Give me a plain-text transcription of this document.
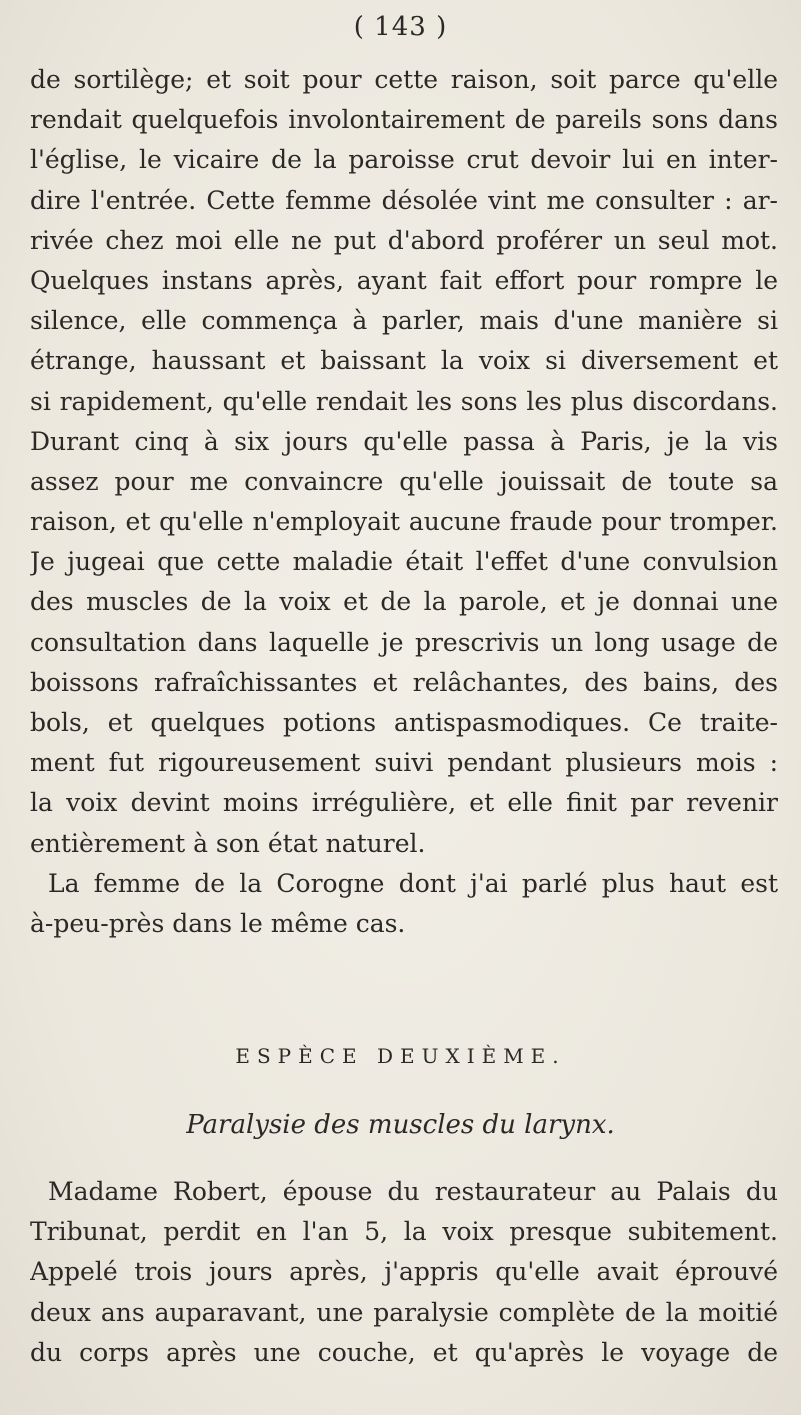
( 143 )
de sortilège; et soit pour cette raison, soit parce qu'elle
rendait quelquefois involontairement de pareils sons dans
l'église, le vicaire de la paroisse crut devoir lui en inter-
dire l'entrée. Cette femme désolée vint me consulter : ar-
rivée chez moi elle ne put d'abord proférer un seul mot.
Quelques instans après, ayant fait effort pour rompre le
silence, elle commença à parler, mais d'une manière si
étrange, haussant et baissant la voix si diversement et
si rapidement, qu'elle rendait les sons les plus discordans.
Durant cinq à six jours qu'elle passa à Paris, je la vis
assez pour me convaincre qu'elle jouissait de toute sa
raison, et qu'elle n'employait aucune fraude pour tromper.
Je jugeai que cette maladie était l'effet d'une convulsion
des muscles de la voix et de la parole, et je donnai une
consultation dans laquelle je prescrivis un long usage de
boissons rafraîchissantes et relâchantes, des bains, des
bols, et quelques potions antispasmodiques. Ce traite-
ment fut rigoureusement suivi pendant plusieurs mois :
la voix devint moins irrégulière, et elle finit par revenir
entièrement à son état naturel.
La femme de la Corogne dont j'ai parlé plus haut est
à-peu-près dans le même cas.
ESPÈCE DEUXIÈME.
Paralysie des muscles du larynx.
Madame Robert, épouse du restaurateur au Palais du
Tribunat, perdit en l'an 5, la voix presque subitement.
Appelé trois jours après, j'appris qu'elle avait éprouvé
deux ans auparavant, une paralysie complète de la moitié
du corps après une couche, et qu'après le voyage de
